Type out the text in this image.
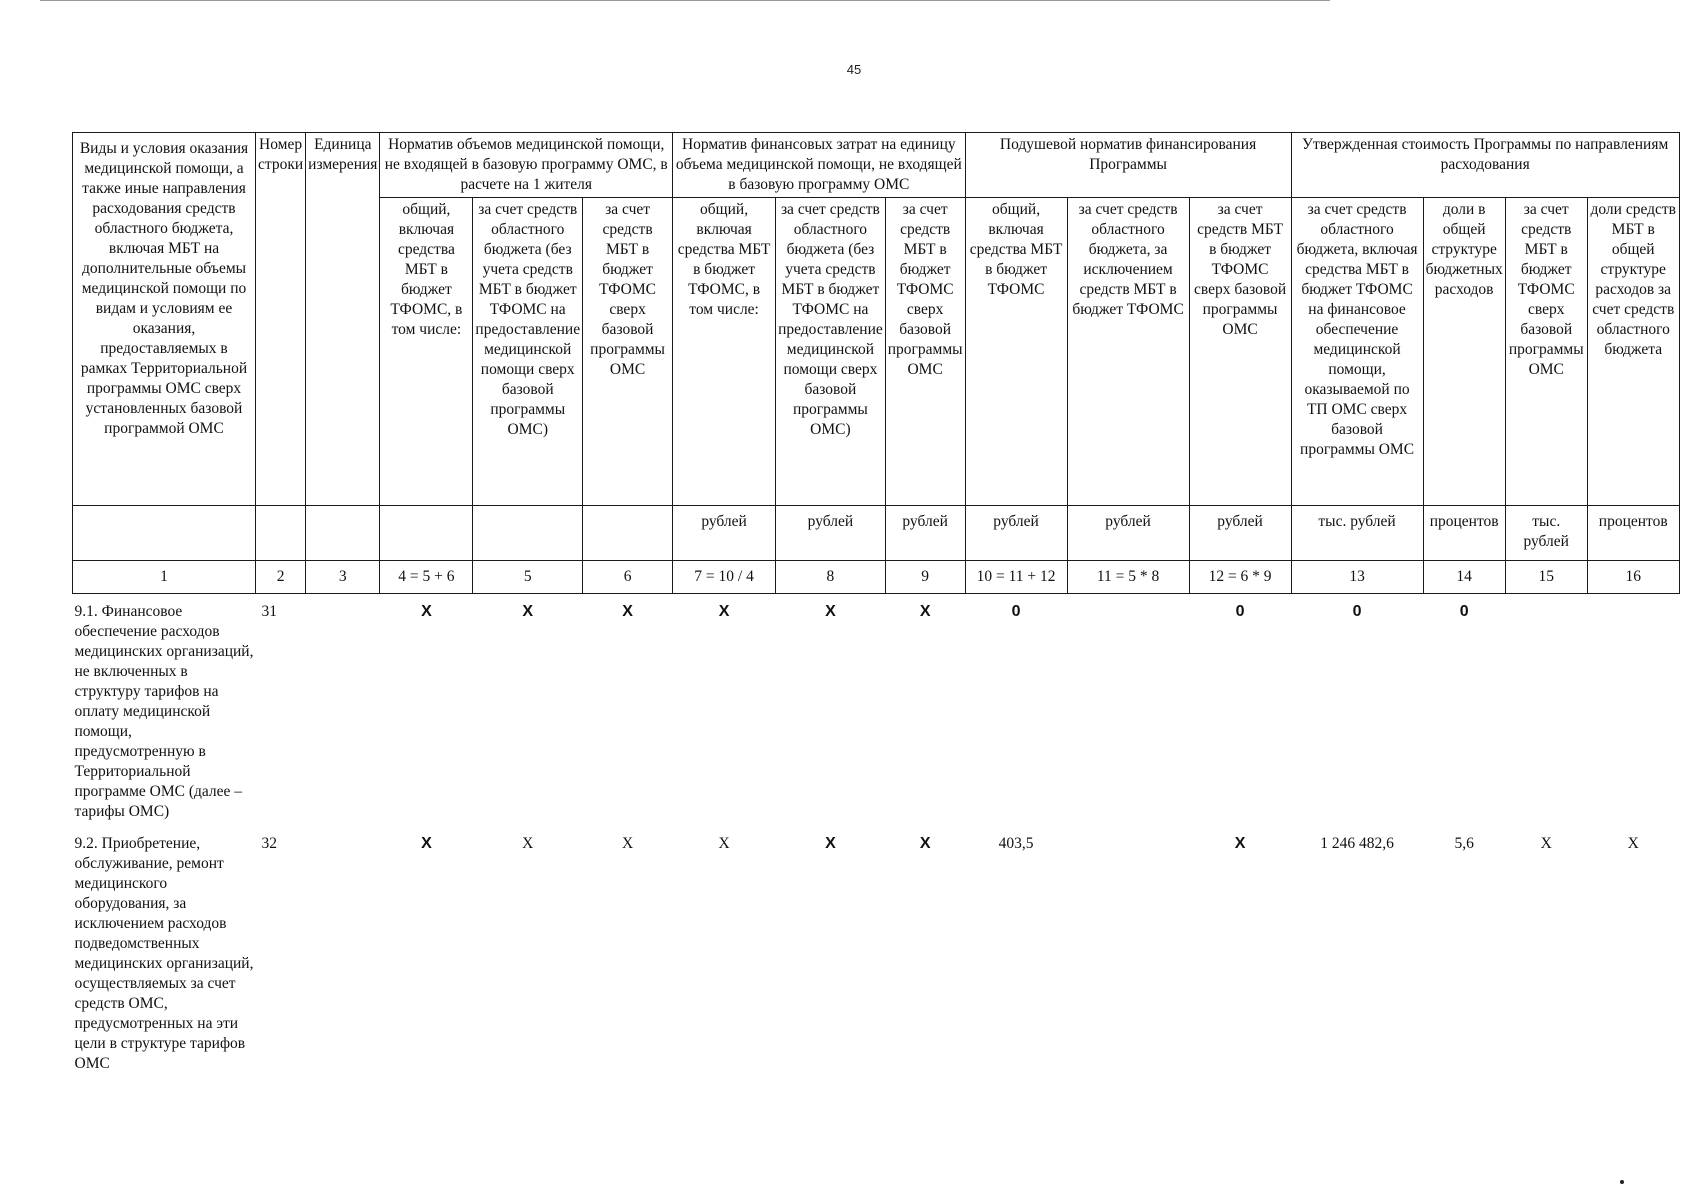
45
Виды и условия оказания медицинской помощи, а также иные направления расходования средств областного бюджета, включая МБТ на дополнительные объемы медицинской помощи по видам и условиям ее оказания, предоставляемых в рамках Территориальной программы ОМС сверх установленных базовой программой ОМС	Номер строки	Единица измерения	Норматив объемов медицинской помощи, не входящей в базовую программу ОМС, в расчете на 1 жителя			Норматив финансовых затрат на единицу объема медицинской помощи, не входящей в базовую программу ОМС			Подушевой норматив финансирования Программы			Утвержденная стоимость Программы по направлениям расходования			
			общий, включая средства МБТ в бюджет ТФОМС, в том числе:	за счет средств областного бюджета (без учета средств МБТ в бюджет ТФОМС на предоставление медицинской помощи сверх базовой программы ОМС)	за счет средств МБТ в бюджет ТФОМС сверх базовой программы ОМС	общий, включая средства МБТ в бюджет ТФОМС, в том числе:	за счет средств областного бюджета (без учета средств МБТ в бюджет ТФОМС на предоставление медицинской помощи сверх базовой программы ОМС)	за счет средств МБТ в бюджет ТФОМС сверх базовой программы ОМС	общий, включая средства МБТ в бюджет ТФОМС	за счет средств областного бюджета, за исключением средств МБТ в бюджет ТФОМС	за счет средств МБТ в бюджет ТФОМС сверх базовой программы ОМС	за счет средств областного бюджета, включая средства МБТ в бюджет ТФОМС на финансовое обеспечение медицинской помощи, оказываемой по ТП ОМС сверх базовой программы ОМС	доли в общей структуре бюджетных расходов	за счет средств МБТ в бюджет ТФОМС сверх базовой программы ОМС	доли средств МБТ в общей структуре расходов за счет средств областного бюджета
						рублей	рублей	рублей	рублей	рублей	рублей	тыс. рублей	процентов	тыс. рублей	процентов
1	2	3	4 = 5 + 6	5	6	7 = 10 / 4	8	9	10 = 11 + 12	11 = 5 * 8	12 = 6 * 9	13	14	15	16
9.1. Финансовое обеспечение расходов медицинских организаций, не включенных в структуру тарифов на оплату медицинской помощи, предусмотренную в Территориальной программе ОМС (далее – тарифы ОМС)	31		X	X	X	X	X	X	0		0	0	0		
9.2. Приобретение, обслуживание, ремонт медицинского оборудования, за исключением расходов подведомственных медицинских организаций, осуществляемых за счет средств ОМС, предусмотренных на эти цели в структуре тарифов ОМС	32		X	X	X	X	X	X	403,5		X	1 246 482,6	5,6	X	X
